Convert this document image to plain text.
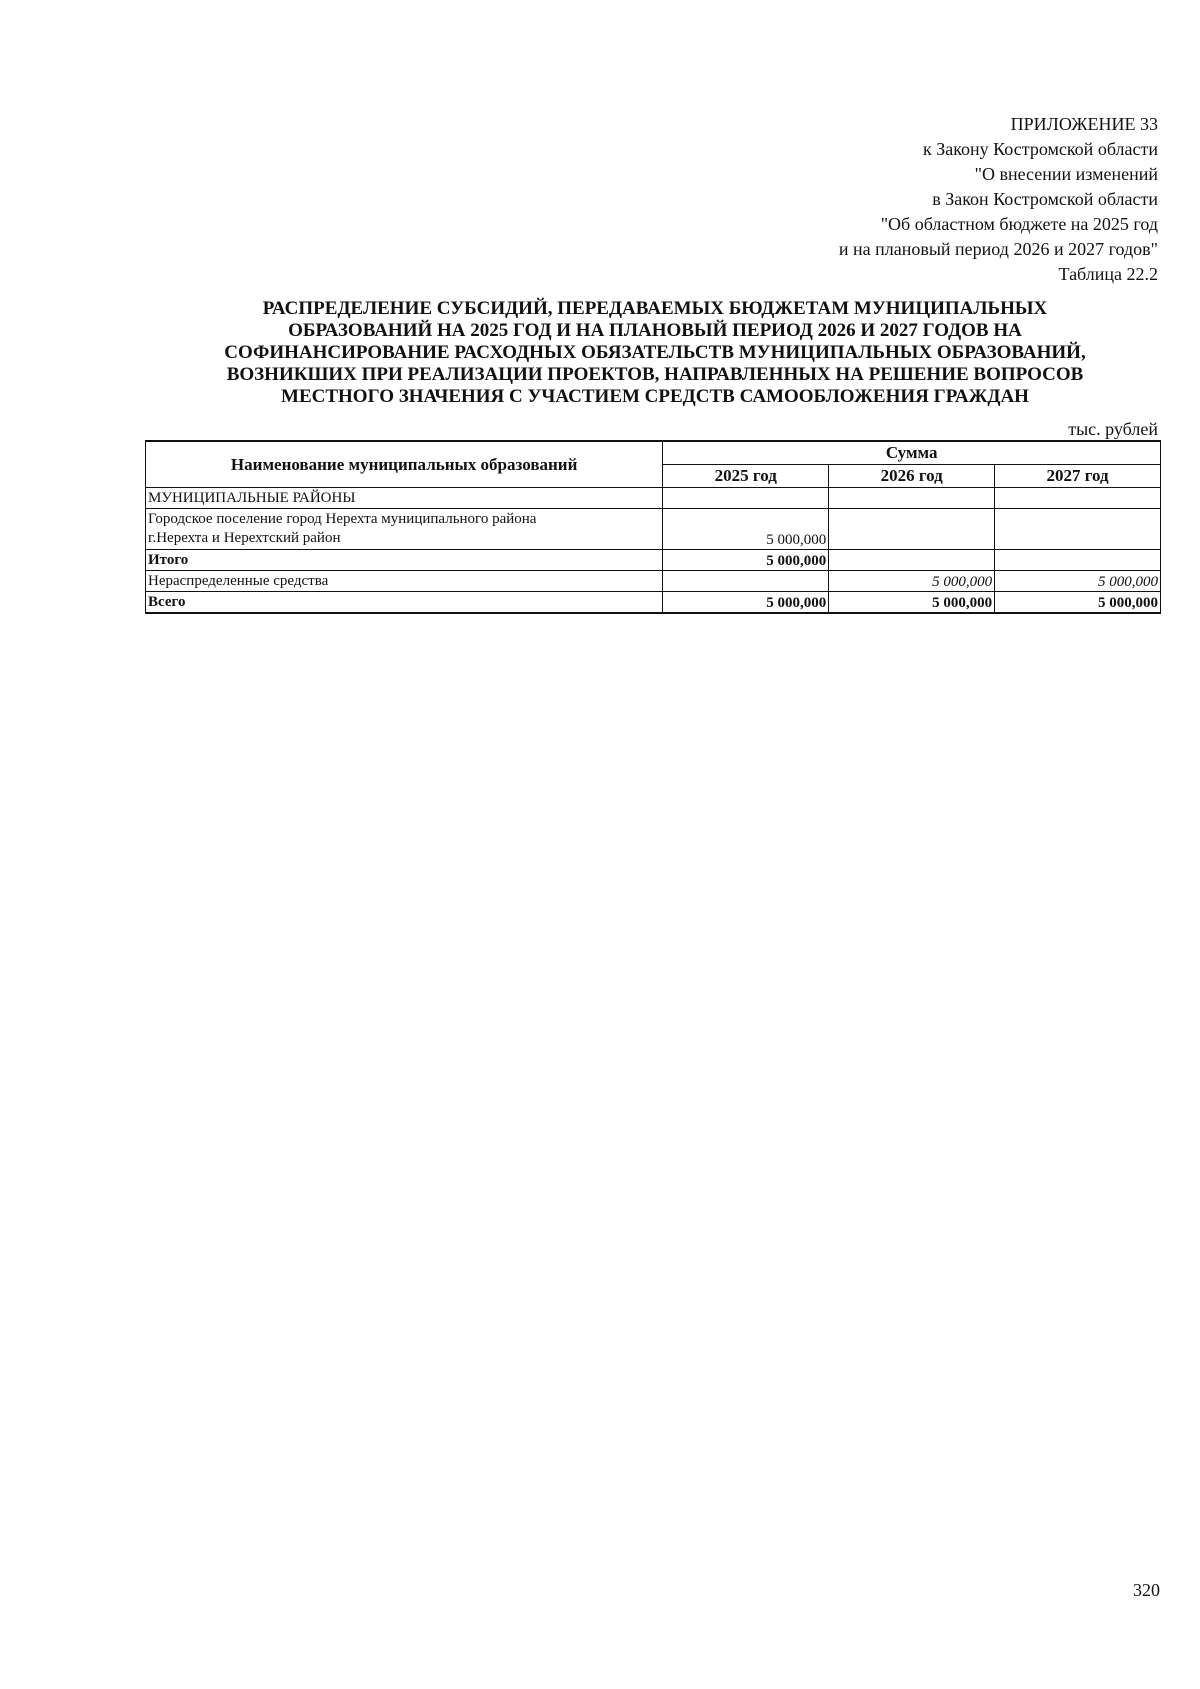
ПРИЛОЖЕНИЕ 33
к Закону Костромской области
"О внесении изменений
в Закон Костромской области
"Об областном бюджете на 2025 год
и на плановый период 2026 и 2027 годов"
Таблица 22.2
РАСПРЕДЕЛЕНИЕ СУБСИДИЙ, ПЕРЕДАВАЕМЫХ БЮДЖЕТАМ МУНИЦИПАЛЬНЫХ
ОБРАЗОВАНИЙ НА 2025 ГОД И НА ПЛАНОВЫЙ ПЕРИОД 2026 И 2027 ГОДОВ НА
СОФИНАНСИРОВАНИЕ РАСХОДНЫХ ОБЯЗАТЕЛЬСТВ МУНИЦИПАЛЬНЫХ ОБРАЗОВАНИЙ,
ВОЗНИКШИХ ПРИ РЕАЛИЗАЦИИ ПРОЕКТОВ, НАПРАВЛЕННЫХ НА РЕШЕНИЕ ВОПРОСОВ
МЕСТНОГО ЗНАЧЕНИЯ С УЧАСТИЕМ СРЕДСТВ САМООБЛОЖЕНИЯ ГРАЖДАН
тыс. рублей
Наименование муниципальных образований	Сумма		
	2025 год	2026 год	2027 год
МУНИЦИПАЛЬНЫЕ РАЙОНЫ			

Городское поселение город Нерехта муниципального района
г.Нерехта и Нерехтский район	5 000,000		
Итого	5 000,000		
Нераспределенные средства		5 000,000	5 000,000
Всего	5 000,000	5 000,000	5 000,000
320
